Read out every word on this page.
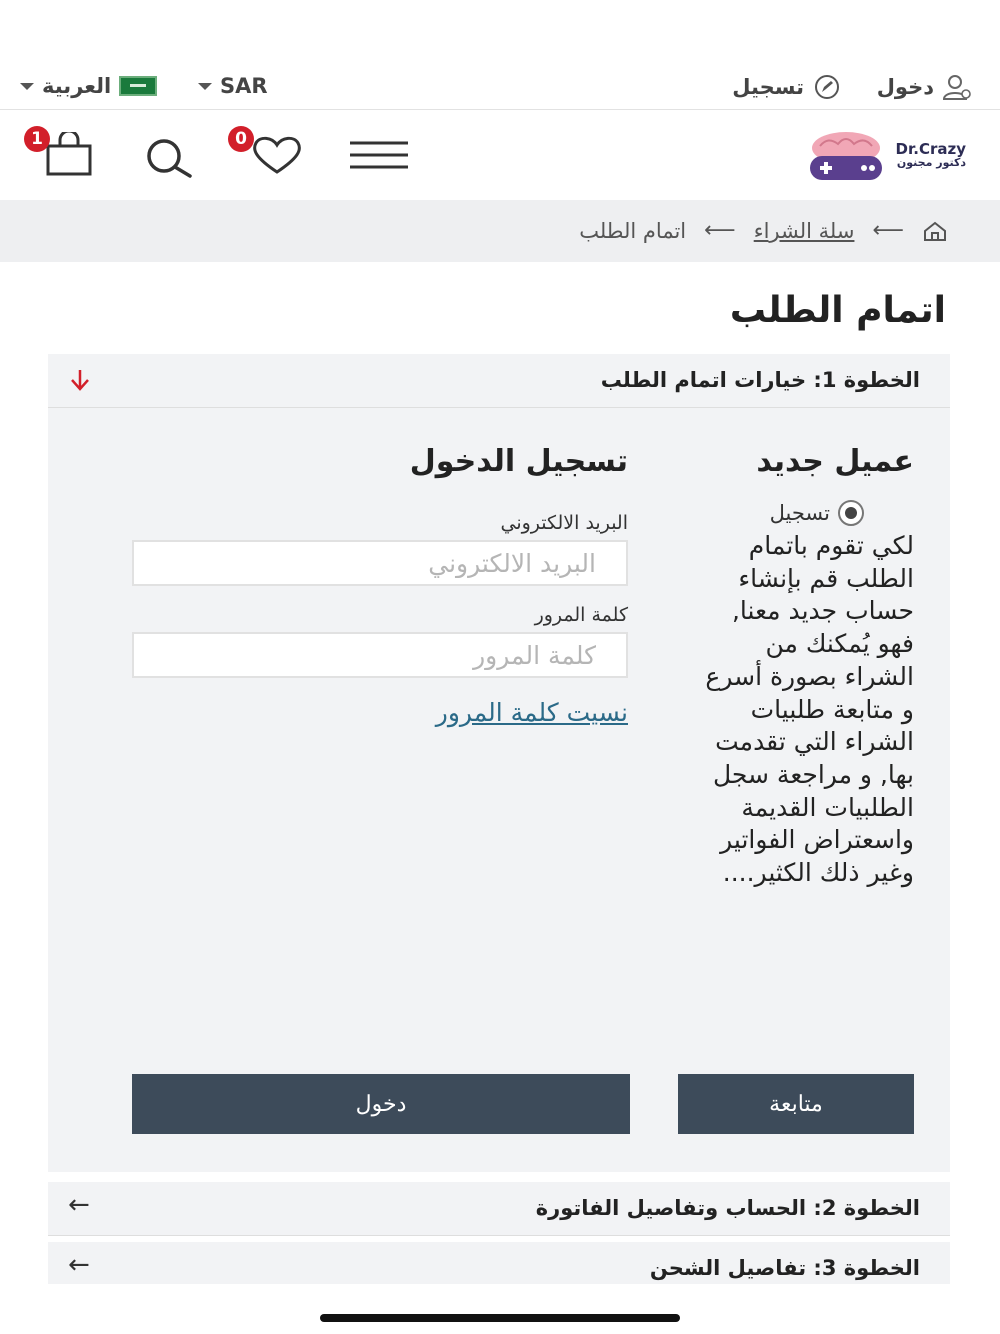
دخول
تسجيل
العربية	SAR
1	0	Dr.Crazy
دكتور مجنون
⟵
سلة الشراء
⟵
اتمام الطلب
اتمام الطلب
الخطوة 1: خيارات اتمام الطلب
عميل جديد
تسجيل
لكي تقوم باتمام الطلب قم بإنشاء حساب جديد معنا, فهو يُمكنك من الشراء بصورة أسرع و متابعة طلبيات الشراء التي تقدمت بها, و مراجعة سجل الطلبيات القديمة واسعتراض الفواتير وغير ذلك الكثير....
تسجيل الدخول
البريد الالكتروني
البريد الالكتروني
كلمة المرور
كلمة المرور
نسيت كلمة المرور
متابعة
دخول
الخطوة 2: الحساب وتفاصيل الفاتورة
←
الخطوة 3: تفاصيل الشحن
←
